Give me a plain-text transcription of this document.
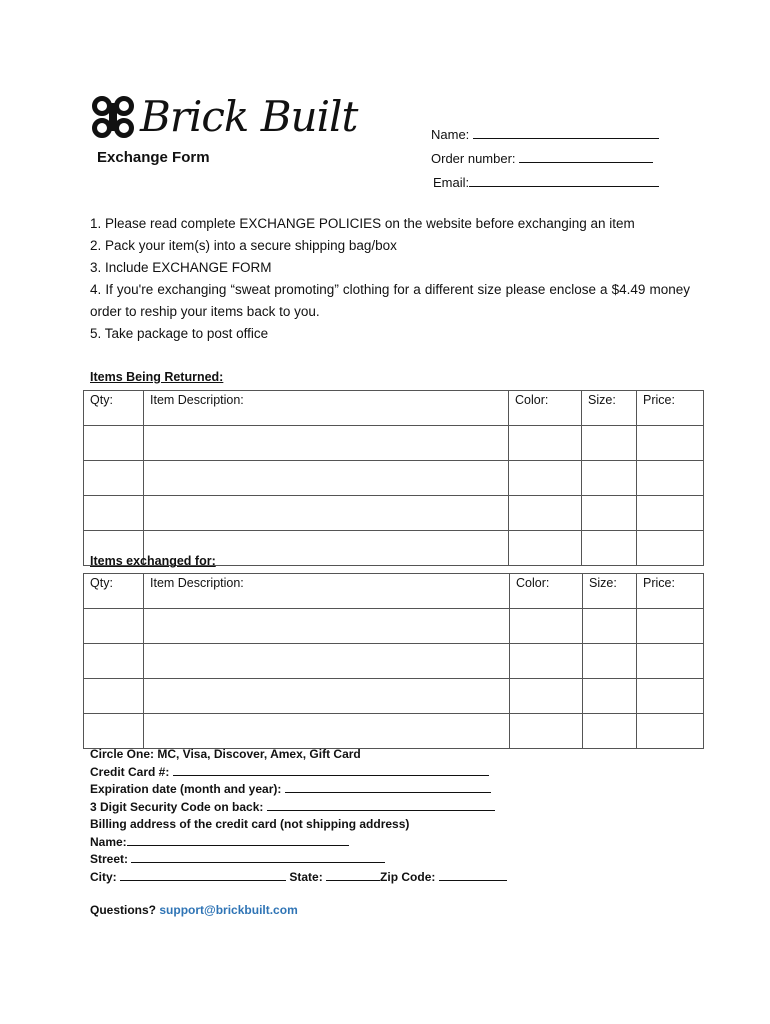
Brick Built
Exchange Form
Name:
Order number:
Email:
1. Please read complete EXCHANGE POLICIES on the website before exchanging an item
2. Pack your item(s) into a secure shipping bag/box
3. Include EXCHANGE FORM
4. If you're exchanging “sweat promoting” clothing for a different size please enclose a $4.49 money order to reship your items back to you.
5. Take package to post office
Items Being Returned:
Qty:	Item Description:	Color:	Size:	Price:

Items exchanged for:
Qty:	Item Description:	Color:	Size:	Price:

Circle One: MC, Visa, Discover, Amex, Gift Card
Credit Card #:
Expiration date (month and year):
3 Digit Security Code on back:
Billing address of the credit card (not shipping address)
Name:
Street:
City:	State:	Zip Code:
Questions? support@brickbuilt.com
